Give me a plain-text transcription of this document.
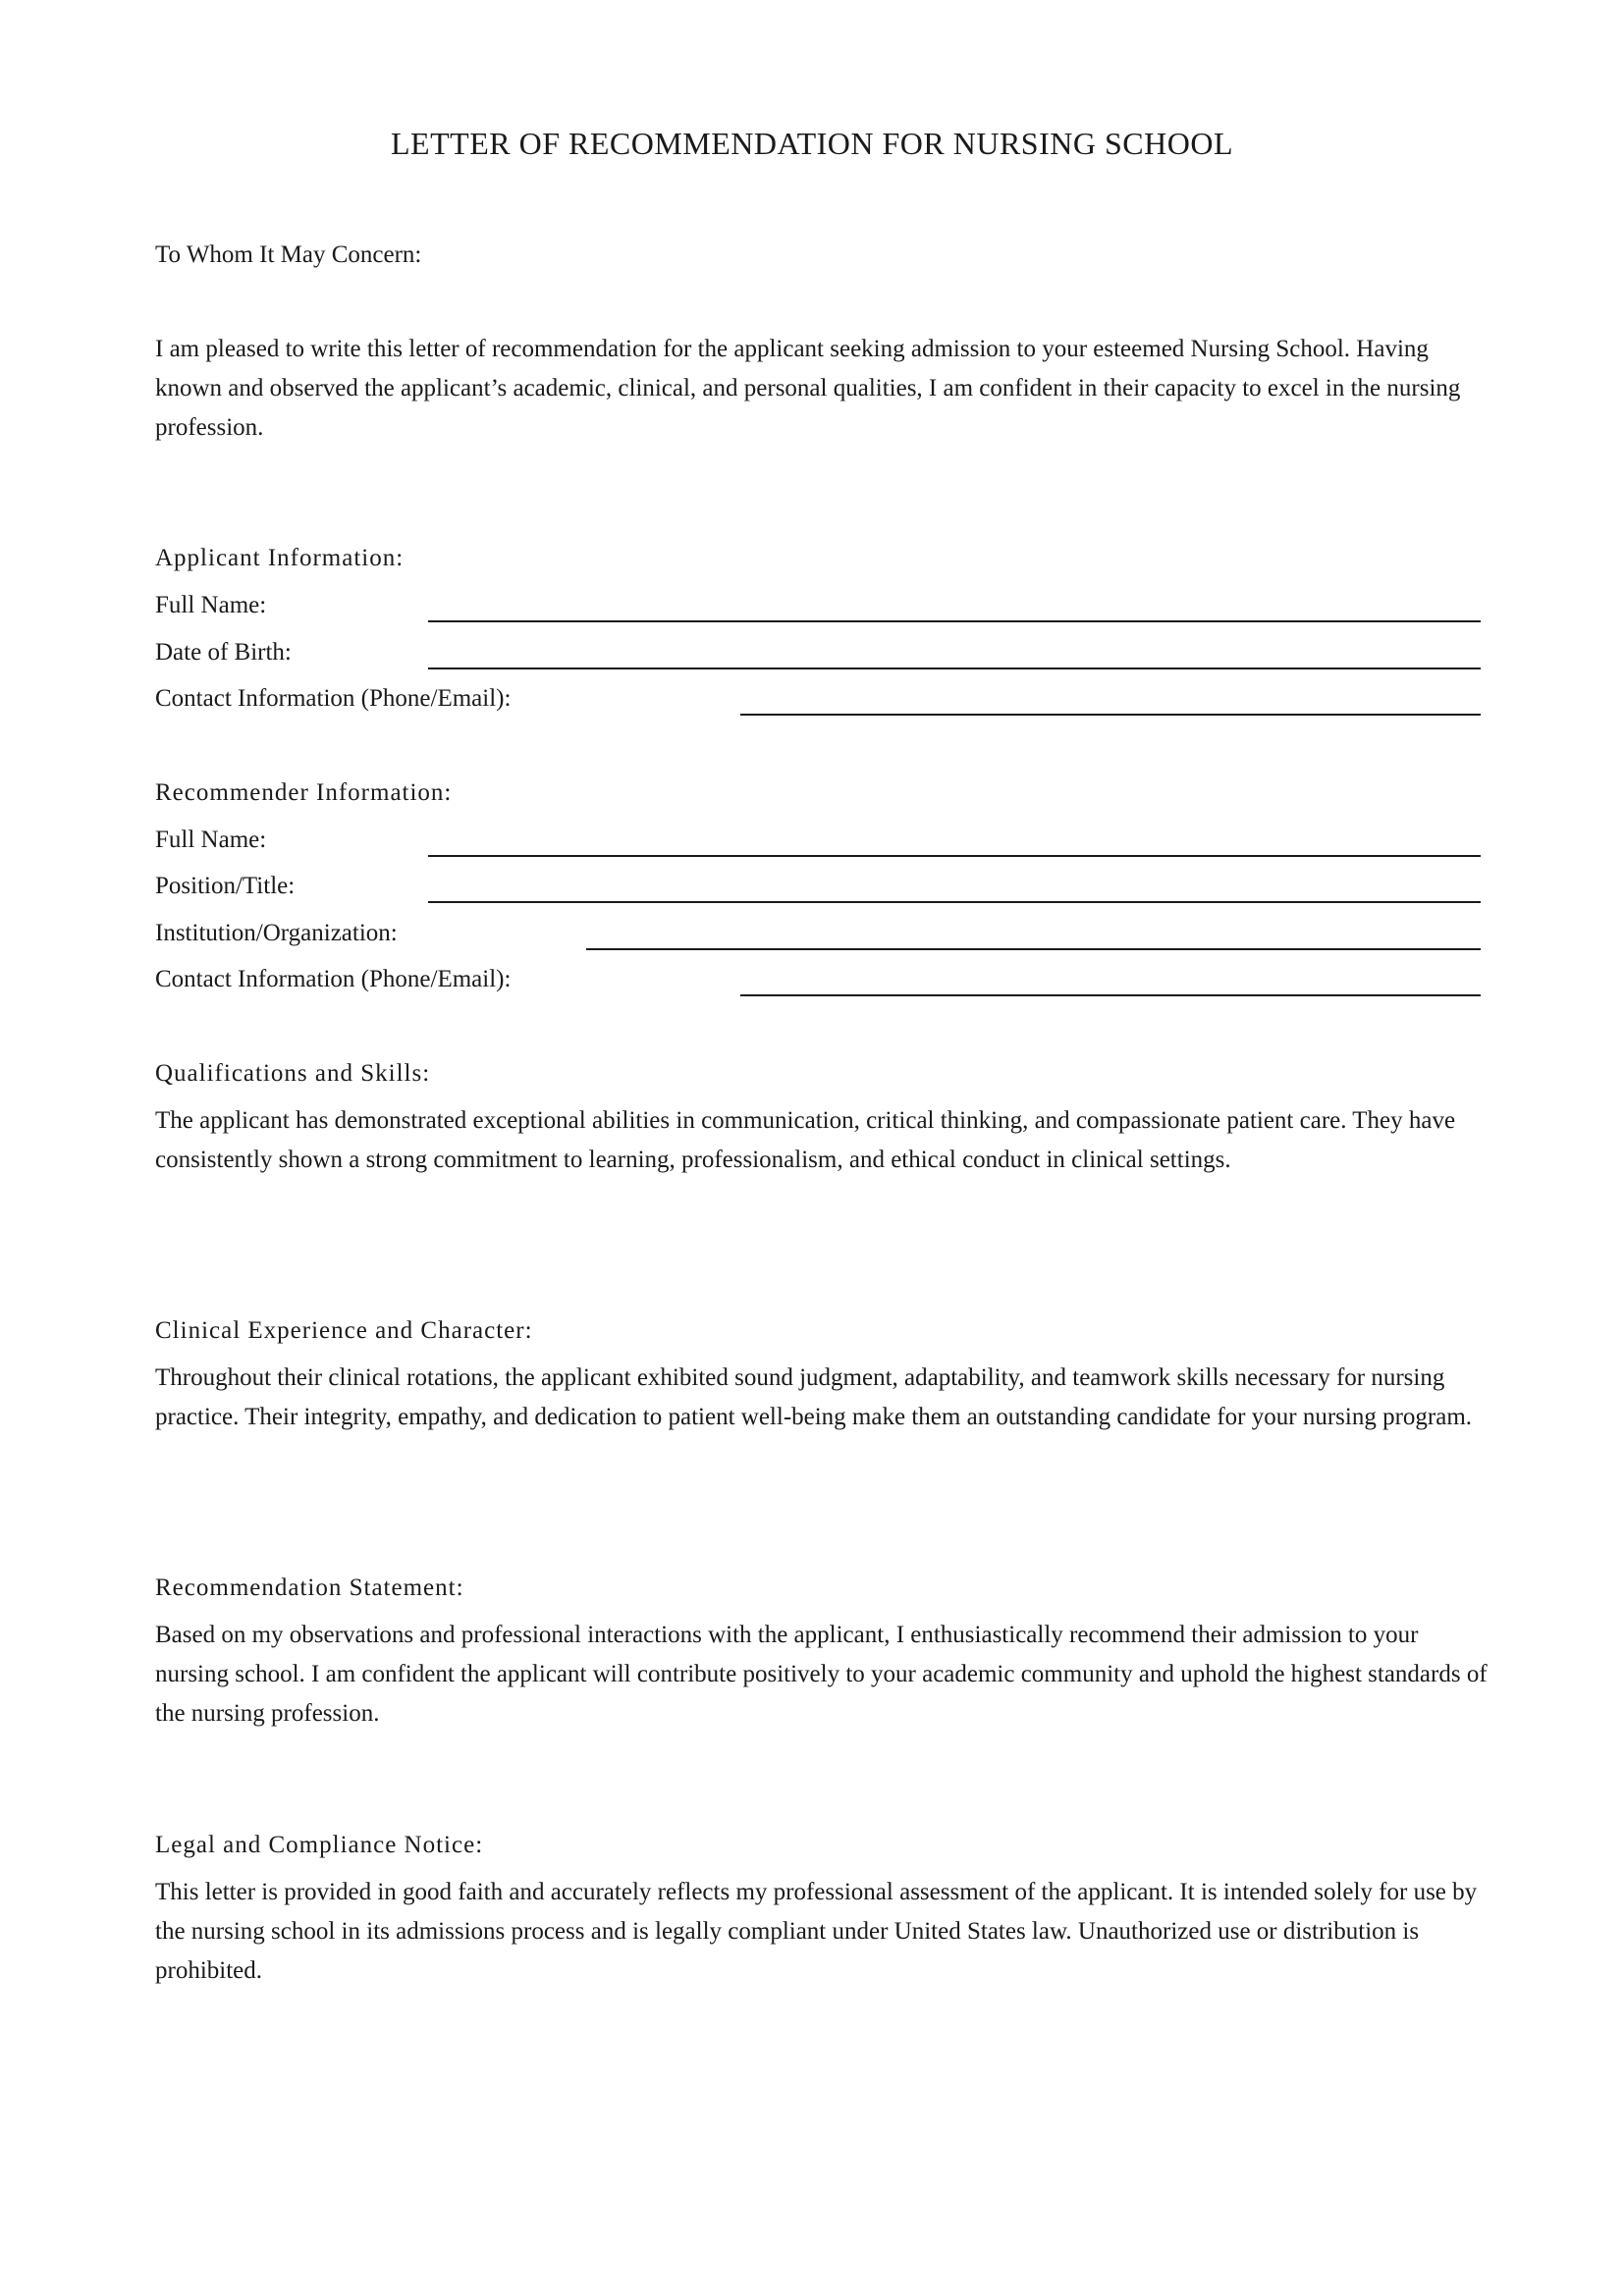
LETTER OF RECOMMENDATION FOR NURSING SCHOOL
To Whom It May Concern:

I am pleased to write this letter of recommendation for the applicant seeking admission to your esteemed Nursing School. Having known and observed the applicant’s academic, clinical, and personal qualities, I am confident in their capacity to excel in the nursing profession.

Applicant Information:
Full Name:
Date of Birth:
Contact Information (Phone/Email):
Recommender Information:
Full Name:
Position/Title:
Institution/Organization:
Contact Information (Phone/Email):
Qualifications and Skills:

The applicant has demonstrated exceptional abilities in communication, critical thinking, and compassionate patient care. They have consistently shown a strong commitment to learning, professionalism, and ethical conduct in clinical settings.

Clinical Experience and Character:

Throughout their clinical rotations, the applicant exhibited sound judgment, adaptability, and teamwork skills necessary for nursing practice. Their integrity, empathy, and dedication to patient well-being make them an outstanding candidate for your nursing program.

Recommendation Statement:

Based on my observations and professional interactions with the applicant, I enthusiastically recommend their admission to your nursing school. I am confident the applicant will contribute positively to your academic community and uphold the highest standards of the nursing profession.

Legal and Compliance Notice:

This letter is provided in good faith and accurately reflects my professional assessment of the applicant. It is intended solely for use by the nursing school in its admissions process and is legally compliant under United States law. Unauthorized use or distribution is prohibited.
